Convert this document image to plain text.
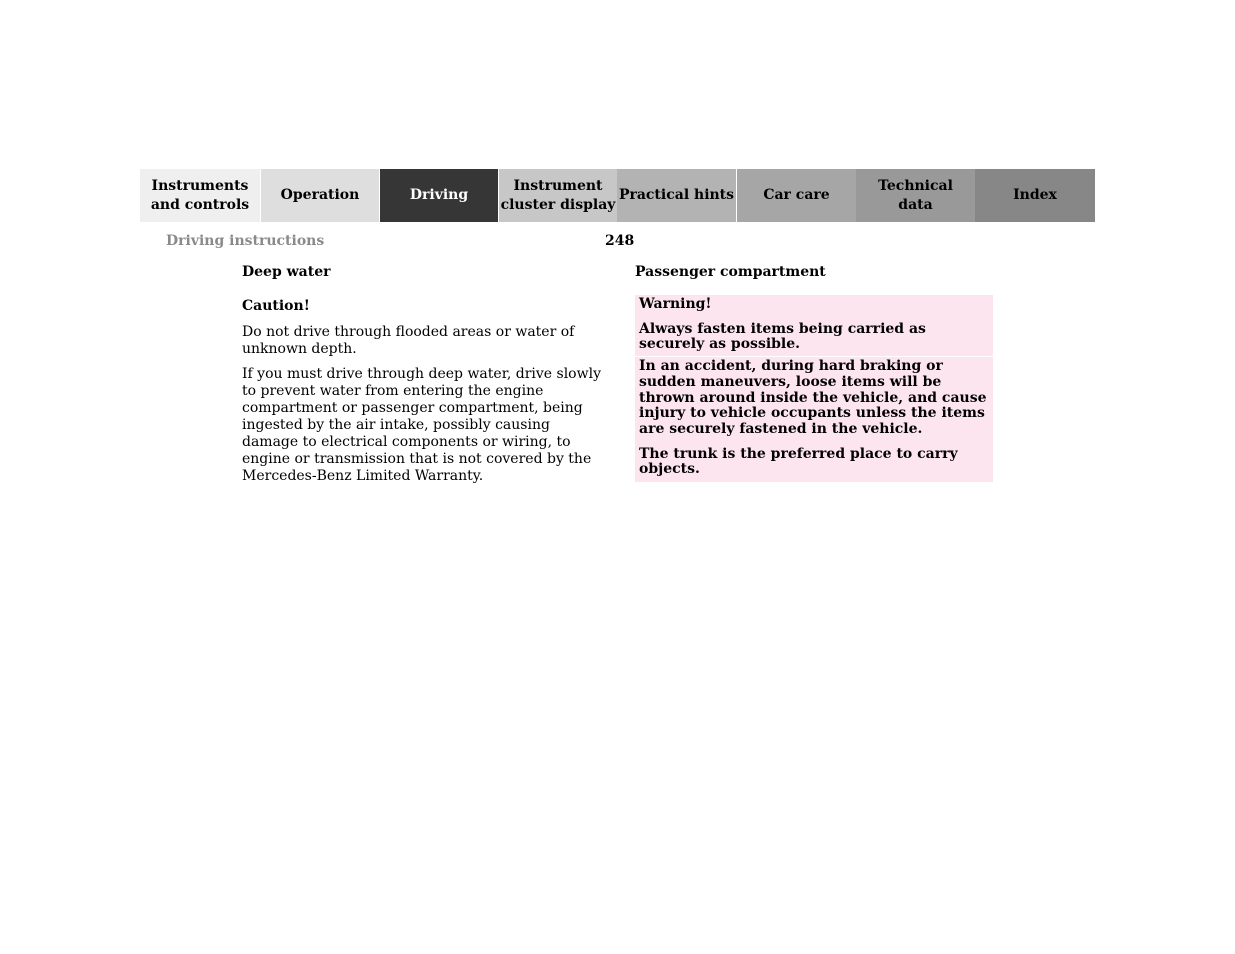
Instruments
and controls
Operation	Driving
Instrument
cluster display
Practical hints Car care
Technical
data
Index
Driving instructions	248
Deep water
Caution!

Do not drive through flooded areas or water of unknown depth.

If you must drive through deep water, drive slowly to prevent water from entering the engine compartment or passenger compartment, being ingested by the air intake, possibly causing damage to electrical components or wiring, to engine or transmission that is not covered by the Mercedes-Benz Limited Warranty.

Passenger compartment

Warning!

Always fasten items being carried as securely as possible.

In an accident, during hard braking or sudden maneuvers, loose items will be thrown around inside the vehicle, and cause injury to vehicle occupants unless the items are securely fastened in the vehicle.

The trunk is the preferred place to carry objects.
